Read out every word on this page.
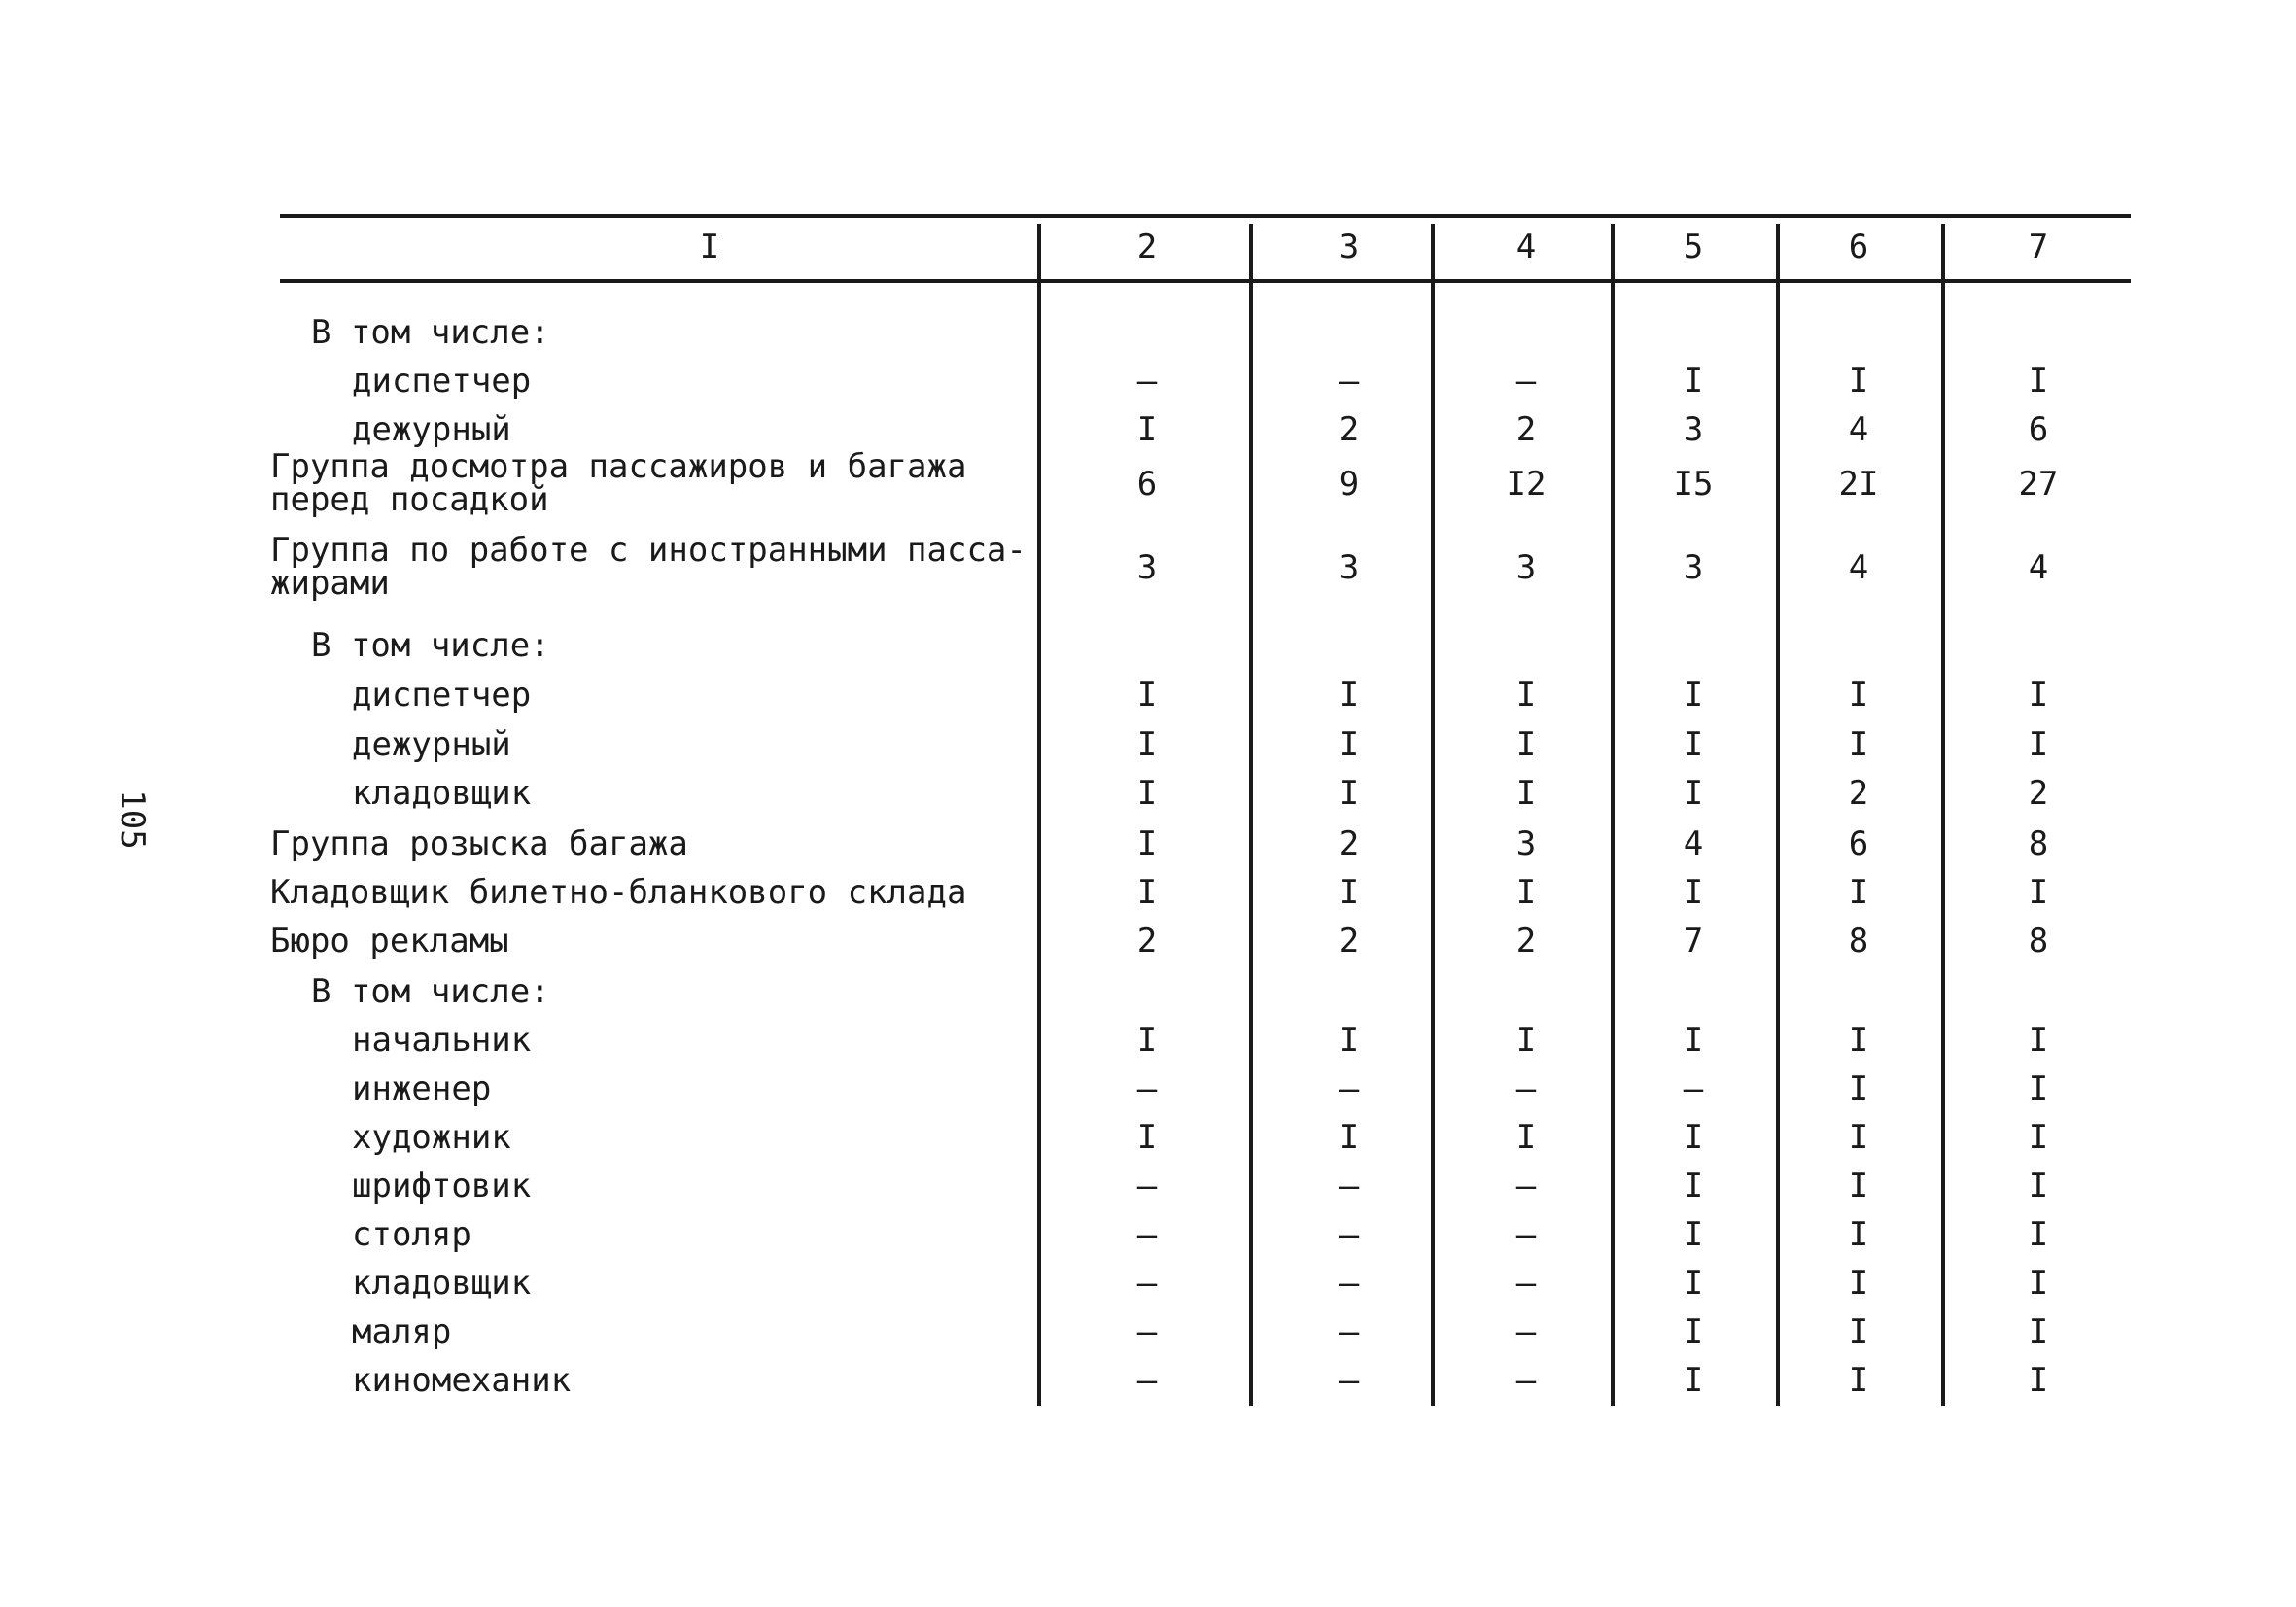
105
I	2	3	4	5	6	7
В том числе:
диспетчер	–	–	–	I	I	I
дежурный	I	2	2	3	4	6
Группа досмотра пассажиров и багажа
перед посадкой	6	9	I2	I5	2I	27
Группа по работе с иностранными пасса-
жирами	3	3	3	3	4	4
В том числе:
диспетчер	I	I	I	I	I	I
дежурный	I	I	I	I	I	I
кладовщик	I	I	I	I	2	2
Группа розыска багажа	I	2	3	4	6	8
Кладовщик билетно-бланкового склада	I	I	I	I	I	I
Бюро рекламы	2	2	2	7	8	8
В том числе:
начальник	I	I	I	I	I	I
инженер	–	–	–	–	I	I
художник	I	I	I	I	I	I
шрифтовик	–	–	–	I	I	I
столяр	–	–	–	I	I	I
кладовщик	–	–	–	I	I	I
маляр	–	–	–	I	I	I
киномеханик	–	–	–	I	I	I
